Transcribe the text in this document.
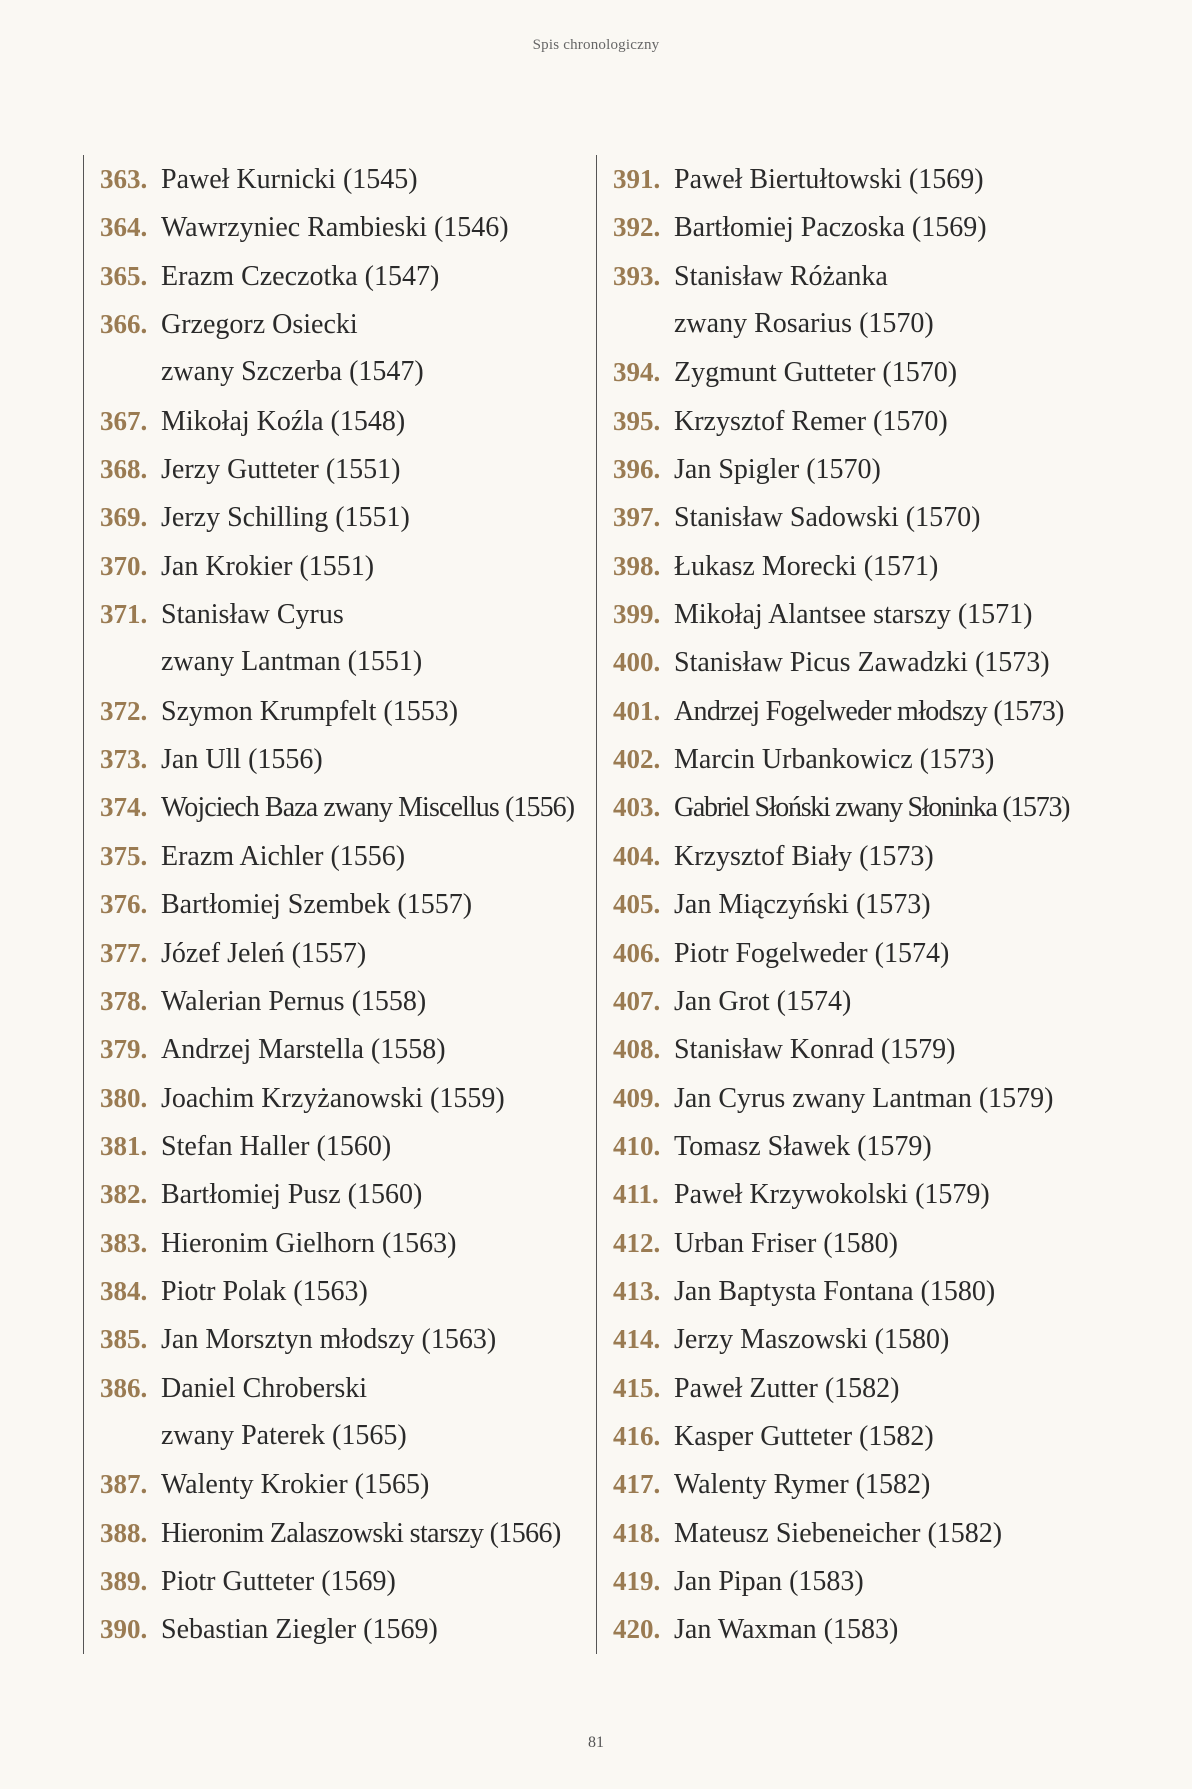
Spis chronologiczny
363. Paweł Kurnicki (1545)
364. Wawrzyniec Rambieski (1546)
365. Erazm Czeczotka (1547)
366. Grzegorz Osiecki
zwany Szczerba (1547)
367. Mikołaj Koźla (1548)
368. Jerzy Gutteter (1551)
369. Jerzy Schilling (1551)
370. Jan Krokier (1551)
371. Stanisław Cyrus
zwany Lantman (1551)
372. Szymon Krumpfelt (1553)
373. Jan Ull (1556)
374. Wojciech Baza zwany Miscellus (1556)
375. Erazm Aichler (1556)
376. Bartłomiej Szembek (1557)
377. Józef Jeleń (1557)
378. Walerian Pernus (1558)
379. Andrzej Marstella (1558)
380. Joachim Krzyżanowski (1559)
381. Stefan Haller (1560)
382. Bartłomiej Pusz (1560)
383. Hieronim Gielhorn (1563)
384. Piotr Polak (1563)
385. Jan Morsztyn młodszy (1563)
386. Daniel Chroberski
zwany Paterek (1565)
387. Walenty Krokier (1565)
388. Hieronim Zalaszowski starszy (1566)
389. Piotr Gutteter (1569)
390. Sebastian Ziegler (1569)
391. Paweł Biertułtowski (1569)
392. Bartłomiej Paczoska (1569)
393. Stanisław Różanka
zwany Rosarius (1570)
394. Zygmunt Gutteter (1570)
395. Krzysztof Remer (1570)
396. Jan Spigler (1570)
397. Stanisław Sadowski (1570)
398. Łukasz Morecki (1571)
399. Mikołaj Alantsee starszy (1571)
400. Stanisław Picus Zawadzki (1573)
401. Andrzej Fogelweder młodszy (1573)
402. Marcin Urbankowicz (1573)
403. Gabriel Słoński zwany Słoninka (1573)
404. Krzysztof Biały (1573)
405. Jan Miączyński (1573)
406. Piotr Fogelweder (1574)
407. Jan Grot (1574)
408. Stanisław Konrad (1579)
409. Jan Cyrus zwany Lantman (1579)
410. Tomasz Sławek (1579)
411. Paweł Krzywokolski (1579)
412. Urban Friser (1580)
413. Jan Baptysta Fontana (1580)
414. Jerzy Maszowski (1580)
415. Paweł Zutter (1582)
416. Kasper Gutteter (1582)
417. Walenty Rymer (1582)
418. Mateusz Siebeneicher (1582)
419. Jan Pipan (1583)
420. Jan Waxman (1583)
81
